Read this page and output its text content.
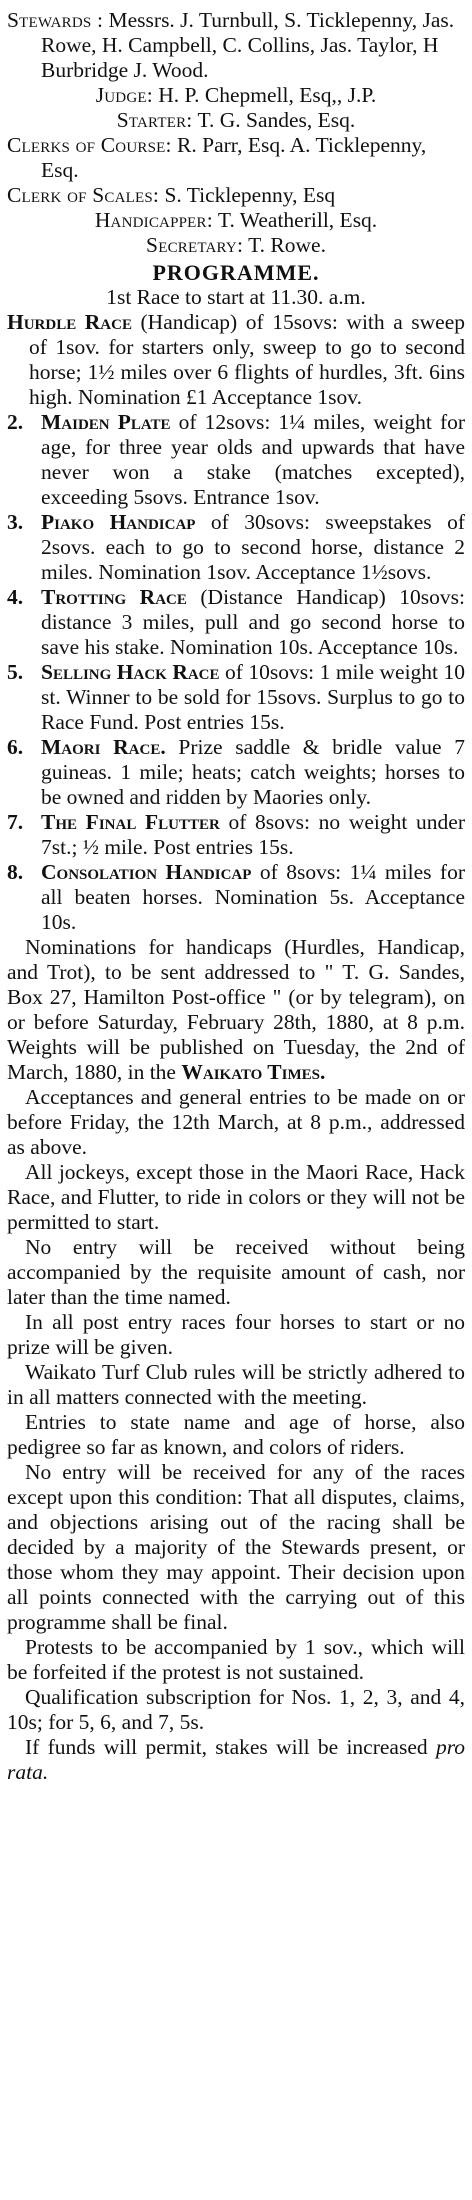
Stewards : Messrs. J. Turnbull, S. Ticklepenny, Jas. Rowe, H. Campbell, C. Collins, Jas. Taylor, H Burbridge J. Wood.

Judge: H. P. Chepmell, Esq,, J.P.

Starter: T. G. Sandes, Esq.

Clerks of Course: R. Parr, Esq. A. Ticklepenny, Esq.

Clerk of Scales: S. Ticklepenny, Esq

Handicapper: T. Weatherill, Esq.

Secretary: T. Rowe.

PROGRAMME.

1st Race to start at 11.30. a.m.

Hurdle Race (Handicap) of 15sovs: with a sweep of 1sov. for starters only, sweep to go to second horse; 1½ miles over 6 flights of hurdles, 3ft. 6ins high. Nomination £1 Acceptance 1sov.

2. Maiden Plate of 12sovs: 1¼ miles, weight for age, for three year olds and upwards that have never won a stake (matches excepted), exceeding 5sovs. Entrance 1sov.

3. Piako Handicap of 30sovs: sweepstakes of 2sovs. each to go to second horse, distance 2 miles. Nomination 1sov. Acceptance 1½sovs.

4. Trotting Race (Distance Handicap) 10sovs: distance 3 miles, pull and go second horse to save his stake. Nomination 10s. Acceptance 10s.

5. Selling Hack Race of 10sovs: 1 mile weight 10 st. Winner to be sold for 15sovs. Surplus to go to Race Fund. Post entries 15s.

6. Maori Race. Prize saddle & bridle value 7 guineas. 1 mile; heats; catch weights; horses to be owned and ridden by Maories only.

7. The Final Flutter of 8sovs: no weight under 7st.; ½ mile. Post entries 15s.

8. Consolation Handicap of 8sovs: 1¼ miles for all beaten horses. Nomination 5s. Acceptance 10s.

Nominations for handicaps (Hurdles, Handicap, and Trot), to be sent addressed to " T. G. Sandes, Box 27, Hamilton Post-office " (or by telegram), on or before Saturday, February 28th, 1880, at 8 p.m. Weights will be published on Tuesday, the 2nd of March, 1880, in the Waikato Times.

Acceptances and general entries to be made on or before Friday, the 12th March, at 8 p.m., addressed as above.

All jockeys, except those in the Maori Race, Hack Race, and Flutter, to ride in colors or they will not be permitted to start.

No entry will be received without being accompanied by the requisite amount of cash, nor later than the time named.

In all post entry races four horses to start or no prize will be given.

Waikato Turf Club rules will be strictly adhered to in all matters connected with the meeting.

Entries to state name and age of horse, also pedigree so far as known, and colors of riders.

No entry will be received for any of the races except upon this condition: That all disputes, claims, and objections arising out of the racing shall be decided by a majority of the Stewards present, or those whom they may appoint. Their decision upon all points connected with the carrying out of this programme shall be final.

Protests to be accompanied by 1 sov., which will be forfeited if the protest is not sustained.

Qualification subscription for Nos. 1, 2, 3, and 4, 10s; for 5, 6, and 7, 5s.

If funds will permit, stakes will be increased pro rata.
